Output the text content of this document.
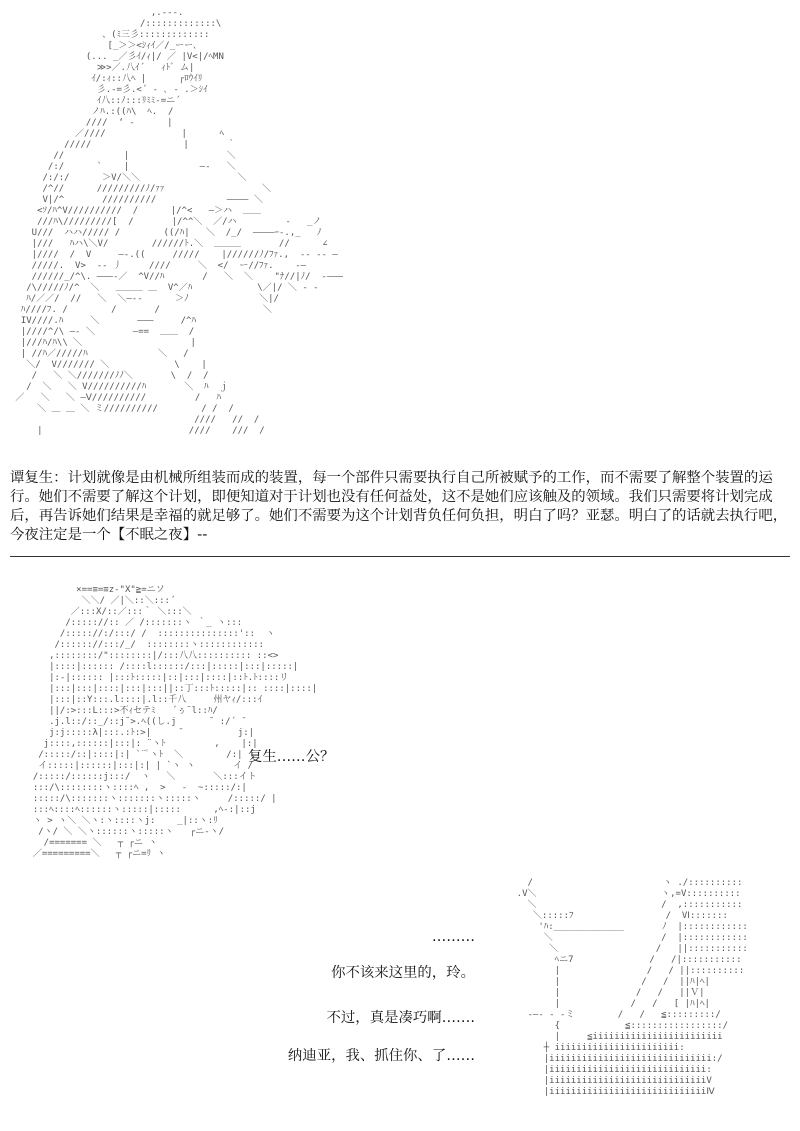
,.---.
/:::::::::::::\
、(ﾐ三彡:::::::::::::
[_＞＞<ｼｨｲ／/_ーー、
(... _／彡ｲ/ｨ|/ ／ |V<|/ﾍMN
≫>／.八ｲ´   ｨﾄﾞ ム|
ｲ/:ｨ::八ﾍ |      ┌ﾛｳｲﾘ
彡.-=彡.<´ ‐ ､ ‐ .＞ｼｲ
ｲ八::ﾉ:::ﾘﾐﾐ‐=ニ´
ノﾊ.:((ﾊ\  ﾍ.  /
////  ‘ ‐      |
／////              |      ﾍ
/////                 |       ｀
//           |                  ＼
/:/      `    |             ―‐   ＼
/:/:/      ＞V/＼＼                  ＼
/^//      /////////ﾉ/ｧｧ                  ＼
V|/^       //////////             ―――― ＼
<ｿ/ﾊ^V//////////  /      |/^<   ―＞ハ  ＿＿
///ﾊ\/////////[  /       |/^^＼  ／/ハ         ‐   _ノ
U///  ハハ///// /        ((/ﾊ|   ＼  /_/  ――――ｰ-.,_   ﾉ
|///   ﾊハ\＼V/        //////ﾄ.＼  ＿＿＿       //      ∠
|////  /  V     ―‐.((     /////    |//////ﾉ/ﾌｧ.,  ‐‐ ‐‐ ―
/////.  V>  ‐‐ 丿     ////     ＼  </  ー//ﾌｧ.    ‐―
//////_/^\. ―――‐／  ^V//ﾊ       /   ＼  ＼    "ﾅ//|ﾉ/  ‐―――
/\/////ﾉ/^  ＼   ＿＿＿ ＿  V^／ﾊ            \／|/ ＼ ‐ ‐
ﾊ/／／/  //   ＼  ＼―‐‐      ＞ﾉ             ＼|/
ﾊ////ﾌ. /        /       /                   ＼
IV////.ﾊ     ＼       ―――     /^ﾊ
|////^/\ ―‐ ＼       ―==  ＿＿  /
|///ﾊ/ﾊ\\ ＼                    |
| //ﾊ／/////ﾊ             ＼   /
＼/  V/////// ＼            \    |
/   ＼ ＼///////ﾉﾉ＼       \  /  /
/  ＼   ＼ V//////////ﾊ       ＼  ﾊ  ｊ
／   ＼   ＼ ―Ⅴ//////////         /   ﾊ
＼ ＿ ＿ ＼ ミ//////////        / /  /
////   //  /
|                           ////    ///  /

谭复生：计划就像是由机械所组装而成的装置，每一个部件只需要执行自己所被赋予的工作，而不需要了解整个装置的运行。她们不需要了解这个计划，即便知道对于计划也没有任何益处，这不是她们应该触及的领域。我们只需要将计划完成后，再告诉她们结果是幸福的就足够了。她们不需要为这个计划背负任何负担，明白了吗？亚瑟。明白了的话就去执行吧，今夜注定是一个【不眠之夜】--

×==≡=≡z-"X"≧=ニソ
＼＼/ ／|＼::＼:::´
／:::X/::／:::｀ ＼:::＼
/::::://:: ／ /:::::::ヽ ｀_ ヽ:::
/::::://:/:::/ /  :::::::::::::::'::  ヽ
/:::::://:::/_/  ::::::::ヽ::::::::::::
,::::::::/"::::::::|/:::八八:::::::::: ::<>
|::::|:::::: /::::l::::::/:::|:::::|:::|:::::|
|:-|:::::: |:::ﾄ:::::|::|:::|::::|::ﾄ.ﾄ::::リ
|:::|:::|::::|:::|:::||::丁:::ﾄ:::::|:: ::::|::::|
|:::|::Y:::.l::::|.l::千八     州ヤｨ/:::ｲ
||/:>:::L:::>不ｨセテﾐ   ´ぅ¨l::ﾊ/
.j.l::/::_/::j˘>.ﾍ((し.j      ˘ :/´ ̄
j:j:::::λ|:::.:ﾄ:>|     ¯          j:|
j::::,::::::|:::|: ¨ヽﾄ         ,    |:|
/:::::/::|::::|:| `¨ﾟヽﾄ  ＼        /:|
イ:::::|::::::|:::|:| | `ヽ ヽ       イ /
/:::::/::::::j:::/  ヽ   ＼       ＼:::イト
:::/\::::::::ヽ::::ﾍ ,  >   -  ~:::::/:|
:::::/\:::::::ヽ:::::::ヽ:::::ヽ     /:::::/ |
:::ﾍ::::ﾍ::::::ヽ:::::|:::::      ,ﾍ-:|::j
ヽ > ヽ＼ ＼ヽ:ヽ::::ヽj:    _|::ヽ:ﾘ
/ヽ/ ＼ ＼ヽ::::::ヽ:::::ヽ   ┌ニ-ヽ/
/======= ＼   ┬ ┌ニ ヽ
／=========＼   ┬ ┌ニ=ﾘ ヽ
复生……公？
………
你不该来这里的，玲。
不过，真是凑巧啊…….
纳迪亚，我、抓住你、了……
/                        ヽ ./::::::::::
.V＼                       ヽ,=V::::::::::
＼                       /  ,:::::::::::
＼:::::ﾌ                 /  VⅠ:::::::
'ﾊ:_____________       ﾉ  |::::::::::::
＼                    /  |::::::::::::
＼                  /   ||:::::::::::
ﾍニ7              /   /|:::::::::::
|                /   / ||::::::::::
|               /   /  ||ﾊ|ﾍ|
|              /   /   ||Ｖ|
|             /   /   [ |ﾊ|ﾍ|
‐―‐ ‐ ‐ミ        /   /   ≦:::::::::/
{            ≦:::::::::::::::::/
|     ≦iiiiiiiiiiiiiiiiiiiiiiii
┼ iiiiiiiiiiiiiiiiiiiiiii:
|iiiiiiiiiiiiiiiiiiiiiiiiiiiiii:/
|iiiiiiiiiiiiiiiiiiiiiiiiiiiii:
|iiiiiiiiiiiiiiiiiiiiiiiiiiiiiV
|iiiiiiiiiiiiiiiiiiiiiiiiiiiiiⅣ
